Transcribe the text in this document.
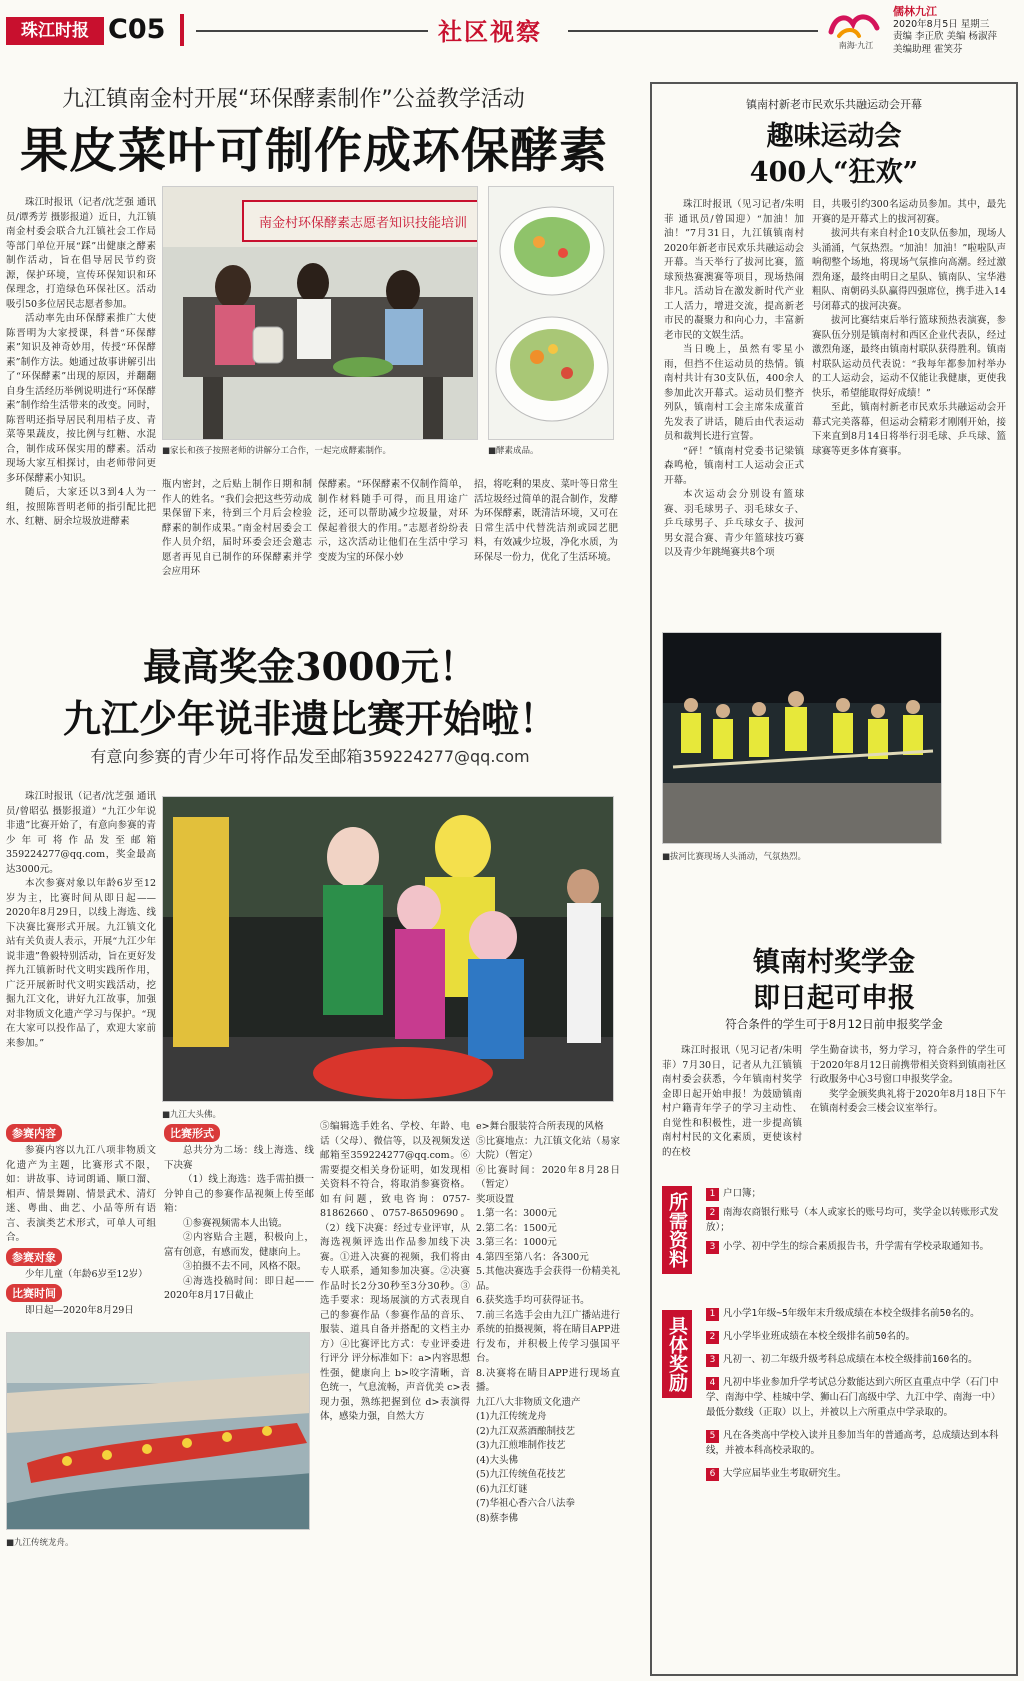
珠江时报 C05	社区视察	南海·九江
儒林九江
2020年8月5日 星期三
责编 李正欣 美编 杨淑萍
美编助理 霍笑芬
九江镇南金村开展“环保酵素制作”公益教学活动
果皮菜叶可制作成环保酵素

珠江时报讯（记者/沈芝强 通讯员/谭秀芳 摄影报道）近日，九江镇南金村委会联合九江镇社会工作局等部门单位开展“踩”出健康之酵素制作活动，旨在倡导居民节约资源，保护环境，宣传环保知识和环保理念，打造绿色环保社区。活动吸引50多位居民志愿者参加。

活动率先由环保酵素推广大使陈晋明为大家授课，科普“环保酵素”知识及神奇妙用，传授“环保酵素”制作方法。她通过故事讲解引出了“环保酵素”出现的原因，并翻翻自身生活经历举例说明进行“环保酵素”制作给生活带来的改变。同时，陈晋明还指导居民利用桔子皮、青菜等果蔬皮，按比例与红糖、水混合，制作成环保实用的酵素。活动现场大家互相探讨，由老师带问更多环保酵素小知识。

随后，大家还以3到4人为一组，按照陈晋明老师的指引配比把水、红糖、厨余垃圾放进酵素

南金村环保酵素志愿者知识技能培训
■家长和孩子按照老师的讲解分工合作，一起完成酵素制作。	■酵素成品。
瓶内密封，之后贴上制作日期和制作人的姓名。“我们会把这些劳动成果保留下来，待到三个月后会检验酵素的制作成果。”南金村居委会工作人员介绍，届时环委会还会邀志愿者再见自已制作的环保酵素并学会应用环
保酵素。“环保酵素不仅制作简单，制作材料随手可得，而且用途广泛，还可以帮助减少垃圾量，对环保起着很大的作用。”志愿者纷纷表示，这次活动让他们在生活中学习变废为宝的环保小妙
招，将吃剩的果皮、菜叶等日常生活垃圾经过简单的混合制作，发酵为环保酵素，既清洁环境，又可在日常生活中代替洗洁剂或园艺肥料，有效减少垃圾，净化水质，为环保尽一份力，优化了生活环境。
最高奖金3000元！
九江少年说非遗比赛开始啦！
有意向参赛的青少年可将作品发至邮箱359224277@qq.com

珠江时报讯（记者/沈芝强 通讯员/曾昭弘 摄影报道）“九江少年说非遗”比赛开始了，有意向参赛的青少年可将作品发至邮箱359224277@qq.com，奖金最高达3000元。

本次参赛对象以年龄6岁至12岁为主，比赛时间从即日起——2020年8月29日，以线上海选、线下决赛比赛形式开展。九江镇文化站有关负责人表示，开展“九江少年说非遗”鲁毅特别活动，旨在更好发挥九江镇新时代文明实践所作用，广泛开展新时代文明实践活动，挖掘九江文化，讲好九江故事，加强对非物质文化遗产学习与保护。“现在大家可以投作品了，欢迎大家前来参加。”

■九江大头佛。
参赛内容

参赛内容以九江八项非物质文化遗产为主题，比赛形式不限，如：讲故事、诗词朗诵、顺口溜、相声、情景舞剧、情景武术、清灯迷、粤曲、曲艺、小品等所有语言、表演类艺术形式，可单人可组合。

参赛对象

少年儿童（年龄6岁至12岁）

比赛时间

即日起—2020年8月29日

比赛形式

总共分为二场：线上海选、线下决赛

（1）线上海选：选手需拍摄一分钟自己的参赛作品视频上传至邮箱：

①参赛视频需本人出镜。

②内容贴合主题，积极向上，富有创意，有感而发，健康向上。

③拍摄不去不同，风格不限。

④海选投稿时间：即日起——2020年8月17日截止

■九江传统龙舟。
⑤编辑选手姓名、学校、年龄、电话（父母）、微信等，以及视频发送邮箱至359224277@qq.com。⑥需要提交相关身份证明，如发现相关资料不符合，将取消参赛资格。如有问题，致电咨询：0757-81862660、0757-86509690。（2）线下决赛：经过专业评审，从海选视频评选出作品参加线下决赛。①进入决赛的视频，我们将由专人联系，通知参加决赛。②决赛作品时长2分30秒至3分30秒。③选手要求：现场展演的方式表现自己的参赛作品（参赛作品的音乐、服装、道具自备并搭配的文档主办方）④比赛评比方式：专业评委进行评分 评分标准如下：a>内容思想性强，健康向上 b>咬字清晰，音色统一，气息流畅，声音优美 c>表现力强，熟练把握到位 d>表演得体，感染力强，自然大方
e>舞台服装符合所表现的风格
⑤比赛地点：九江镇文化站（易家大院）（暂定）
⑥比赛时间：2020年8月28日（暂定）
奖项设置
1.第一名：3000元
2.第二名：1500元
3.第三名：1000元
4.第四至第八名：各300元
5.其他决赛选手会获得一份精美礼品。
6.获奖选手均可获得证书。
7.前三名选手会由九江广播站进行系统的拍摄视频，将在睛目APP进行发布，并积极上传学习强国平台。
8.决赛将在睛目APP进行现场直播。
九江八大非物质文化遗产
(1)九江传统龙舟
(2)九江双蒸酒酿制技艺
(3)九江煎堆制作技艺
(4)大头佛
(5)九江传统鱼花技艺
(6)九江灯谜
(7)华祖心香六合八法拳
(8)蔡李佛
镇南村新老市民欢乐共融运动会开幕
趣味运动会
400人“狂欢”

珠江时报讯（见习记者/朱明菲 通讯员/曾国迎）“加油！加油！”7月31日，九江镇镇南村2020年新老市民欢乐共融运动会开幕。当天举行了拔河比赛，篮球预热赛澳赛等项目，现场热闹非凡。活动旨在激发新时代产业工人活力，增进交流，提高新老市民的凝聚力和向心力，丰富新老市民的文娱生活。

当日晚上，虽然有零星小雨，但挡不住运动员的热情。镇南村共计有30支队伍，400余人参加此次开幕式。运动员们整齐列队，镇南村工会主席朱成董首先发表了讲话，随后由代表运动员和裁判长进行宣誓。

“砰！”镇南村党委书记梁镇森鸣枪，镇南村工人运动会正式开幕。

本次运动会分别设有篮球赛、羽毛球男子、羽毛球女子、乒乓球男子、乒乓球女子、拔河男女混合赛、青少年篮球技巧赛以及青少年跳绳赛共8个项

目，共吸引约300名运动员参加。其中，最先开赛的是开幕式上的拔河初赛。

拔河共有来自村企10支队伍参加，现场人头涌涌，气氛热烈。“加油！加油！”啦啦队声响彻整个场地，将现场气氛推向高潮。经过激烈角逐，最终由明日之星队、镇南队、宝华港粗队、南朝码头队赢得四强席位，携手进入14号闭幕式的拔河决赛。

拔河比赛结束后举行篮球预热表演赛，参赛队伍分别是镇南村和西区企业代表队，经过激烈角逐，最终由镇南村联队获得胜利。镇南村联队运动员代表说：“我每年都参加村举办的工人运动会，运动不仅能让我健康，更使我快乐，希望能取得好成绩！”

至此，镇南村新老市民欢乐共融运动会开幕式完美落幕，但运动会精彩才刚刚开始，接下来直到8月14日将举行羽毛球、乒乓球、篮球赛等更多体育赛事。

■拔河比赛现场人头涌动，气氛热烈。
镇南村奖学金
即日起可申报
符合条件的学生可于8月12日前申报奖学金

珠江时报讯（见习记者/朱明菲）7月30日，记者从九江镇镇南村委会获悉，今年镇南村奖学金即日起开始申报！为鼓励镇南村户籍青年学子的学习主动性、自觉性和积极性，进一步提高镇南村村民的文化素质，更使该村的在校

学生勤奋读书，努力学习，符合条件的学生可于2020年8月12日前携带相关资料到镇南社区行政服务中心3号窗口申报奖学金。

奖学金颁奖典礼将于2020年8月18日下午在镇南村委会三楼会议室举行。

所需资料	1 户口簿；
2 南海农商银行账号（本人或家长的账号均可，奖学金以转账形式发放）；
3 小学、初中学生的综合素质报告书，升学需有学校录取通知书。
具体奖励
1 凡小学1年级~5年级年末升级成绩在本校全级排名前50名的。
2 凡小学毕业班成绩在本校全级排名前50名的。
3 凡初一、初二年级升级考科总成绩在本校全级排前160名的。
4 凡初中毕业参加升学考试总分数能达到六所区直重点中学（石门中学、南海中学、桂城中学、狮山石门高级中学、九江中学、南海一中）最低分数线（正取）以上，并被以上六所重点中学录取的。
5 凡在各类高中学校入读并且参加当年的普通高考，总成绩达到本科线，并被本科高校录取的。
6 大学应届毕业生考取研究生。
